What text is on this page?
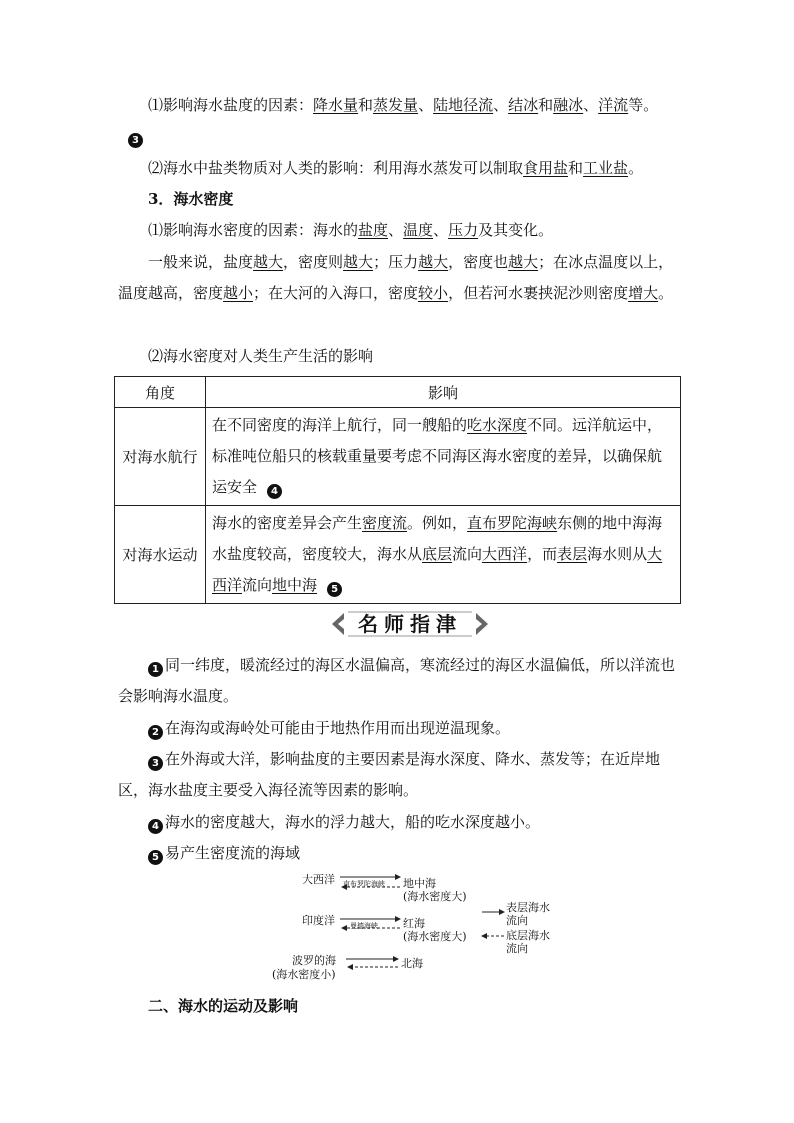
⑴影响海水盐度的因素：降水量和蒸发量、陆地径流、结冰和融冰、洋流等。3

⑵海水中盐类物质对人类的影响：利用海水蒸发可以制取食用盐和工业盐。

3．海水密度

⑴影响海水密度的因素：海水的盐度、温度、压力及其变化。

一般来说，盐度越大，密度则越大；压力越大，密度也越大；在冰点温度以上，温度越高，密度越小；在大河的入海口，密度较小，但若河水裹挟泥沙则密度增大。

⑵海水密度对人类生产生活的影响

角度	影响
对海水航行	在不同密度的海洋上航行，同一艘船的吃水深度不同。远洋航运中，标准吨位船只的核载重量要考虑不同海区海水密度的差异，以确保航运安全 4
对海水运动	海水的密度差异会产生密度流。例如，直布罗陀海峡东侧的地中海海水盐度较高，密度较大，海水从底层流向大西洋，而表层海水则从大西洋流向地中海 5
名师指津

1 同一纬度，暖流经过的海区水温偏高，寒流经过的海区水温偏低，所以洋流也会影响海水温度。

2 在海沟或海岭处可能由于地热作用而出现逆温现象。

3 在外海或大洋，影响盐度的主要因素是海水深度、降水、蒸发等；在近岸地区，海水盐度主要受入海径流等因素的影响。

4 海水的密度越大，海水的浮力越大，船的吃水深度越小。

5 易产生密度流的海域

大西洋 直布罗陀海峡 地中海
(海水密度大)
印度洋 曼德海峡 红海
(海水密度大)
波罗的海
(海水密度小)
北海
表层海水
流向
底层海水
流向

二、海水的运动及影响
